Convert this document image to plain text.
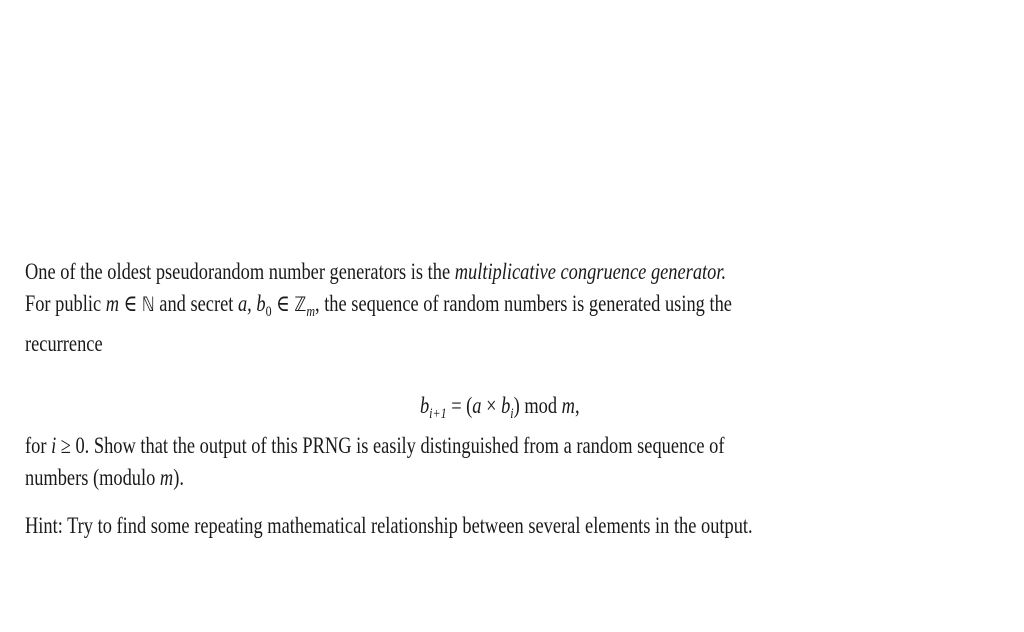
One of the oldest pseudorandom number generators is the multiplicative congruence generator.
For public m ∈ ℕ and secret a, $b_0$ ∈ ℤ$_m$, the sequence of random numbers is generated using the
recurrence
$b_{i+1} = (a \times b_i)$ mod m,
for i ≥ 0. Show that the output of this PRNG is easily distinguished from a random sequence of
numbers (modulo m).
Hint: Try to find some repeating mathematical relationship between several elements in the output.
